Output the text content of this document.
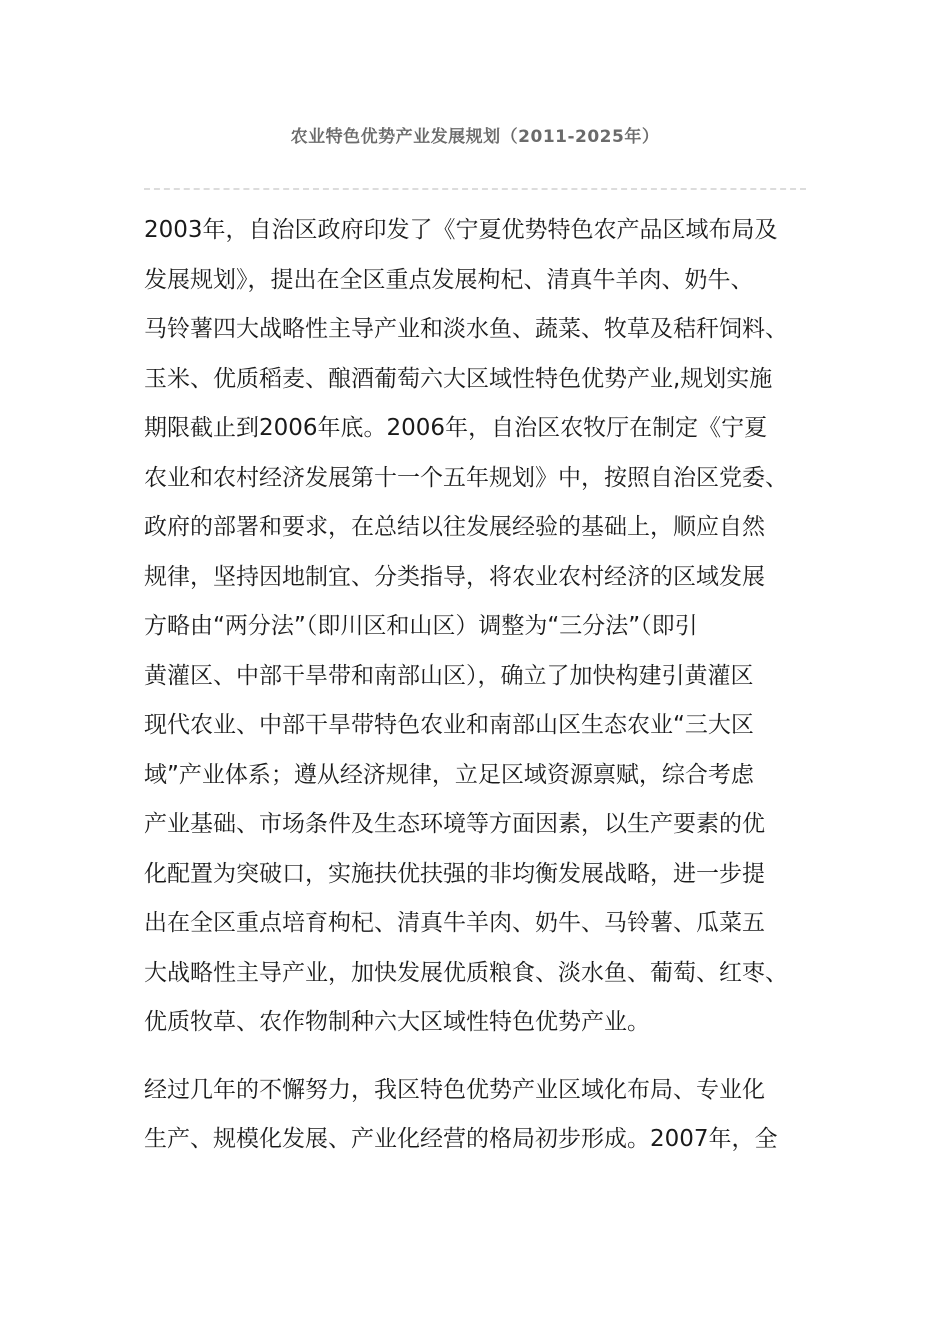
农业特色优势产业发展规划（2011-2025年）

2003年，自治区政府印发了《宁夏优势特色农产品区域布局及
发展规划》，提出在全区重点发展枸杞、清真牛羊肉、奶牛、
马铃薯四大战略性主导产业和淡水鱼、蔬菜、牧草及秸秆饲料、
玉米、优质稻麦、酿酒葡萄六大区域性特色优势产业,规划实施
期限截止到2006年底。2006年，自治区农牧厅在制定《宁夏
农业和农村经济发展第十一个五年规划》中，按照自治区党委、
政府的部署和要求，在总结以往发展经验的基础上，顺应自然
规律，坚持因地制宜、分类指导，将农业农村经济的区域发展
方略由“两分法”（即川区和山区）调整为“三分法”（即引
黄灌区、中部干旱带和南部山区），确立了加快构建引黄灌区
现代农业、中部干旱带特色农业和南部山区生态农业“三大区
域”产业体系；遵从经济规律，立足区域资源禀赋，综合考虑
产业基础、市场条件及生态环境等方面因素，以生产要素的优
化配置为突破口，实施扶优扶强的非均衡发展战略，进一步提
出在全区重点培育枸杞、清真牛羊肉、奶牛、马铃薯、瓜菜五
大战略性主导产业，加快发展优质粮食、淡水鱼、葡萄、红枣、
优质牧草、农作物制种六大区域性特色优势产业。

经过几年的不懈努力，我区特色优势产业区域化布局、专业化
生产、规模化发展、产业化经营的格局初步形成。2007年，全
